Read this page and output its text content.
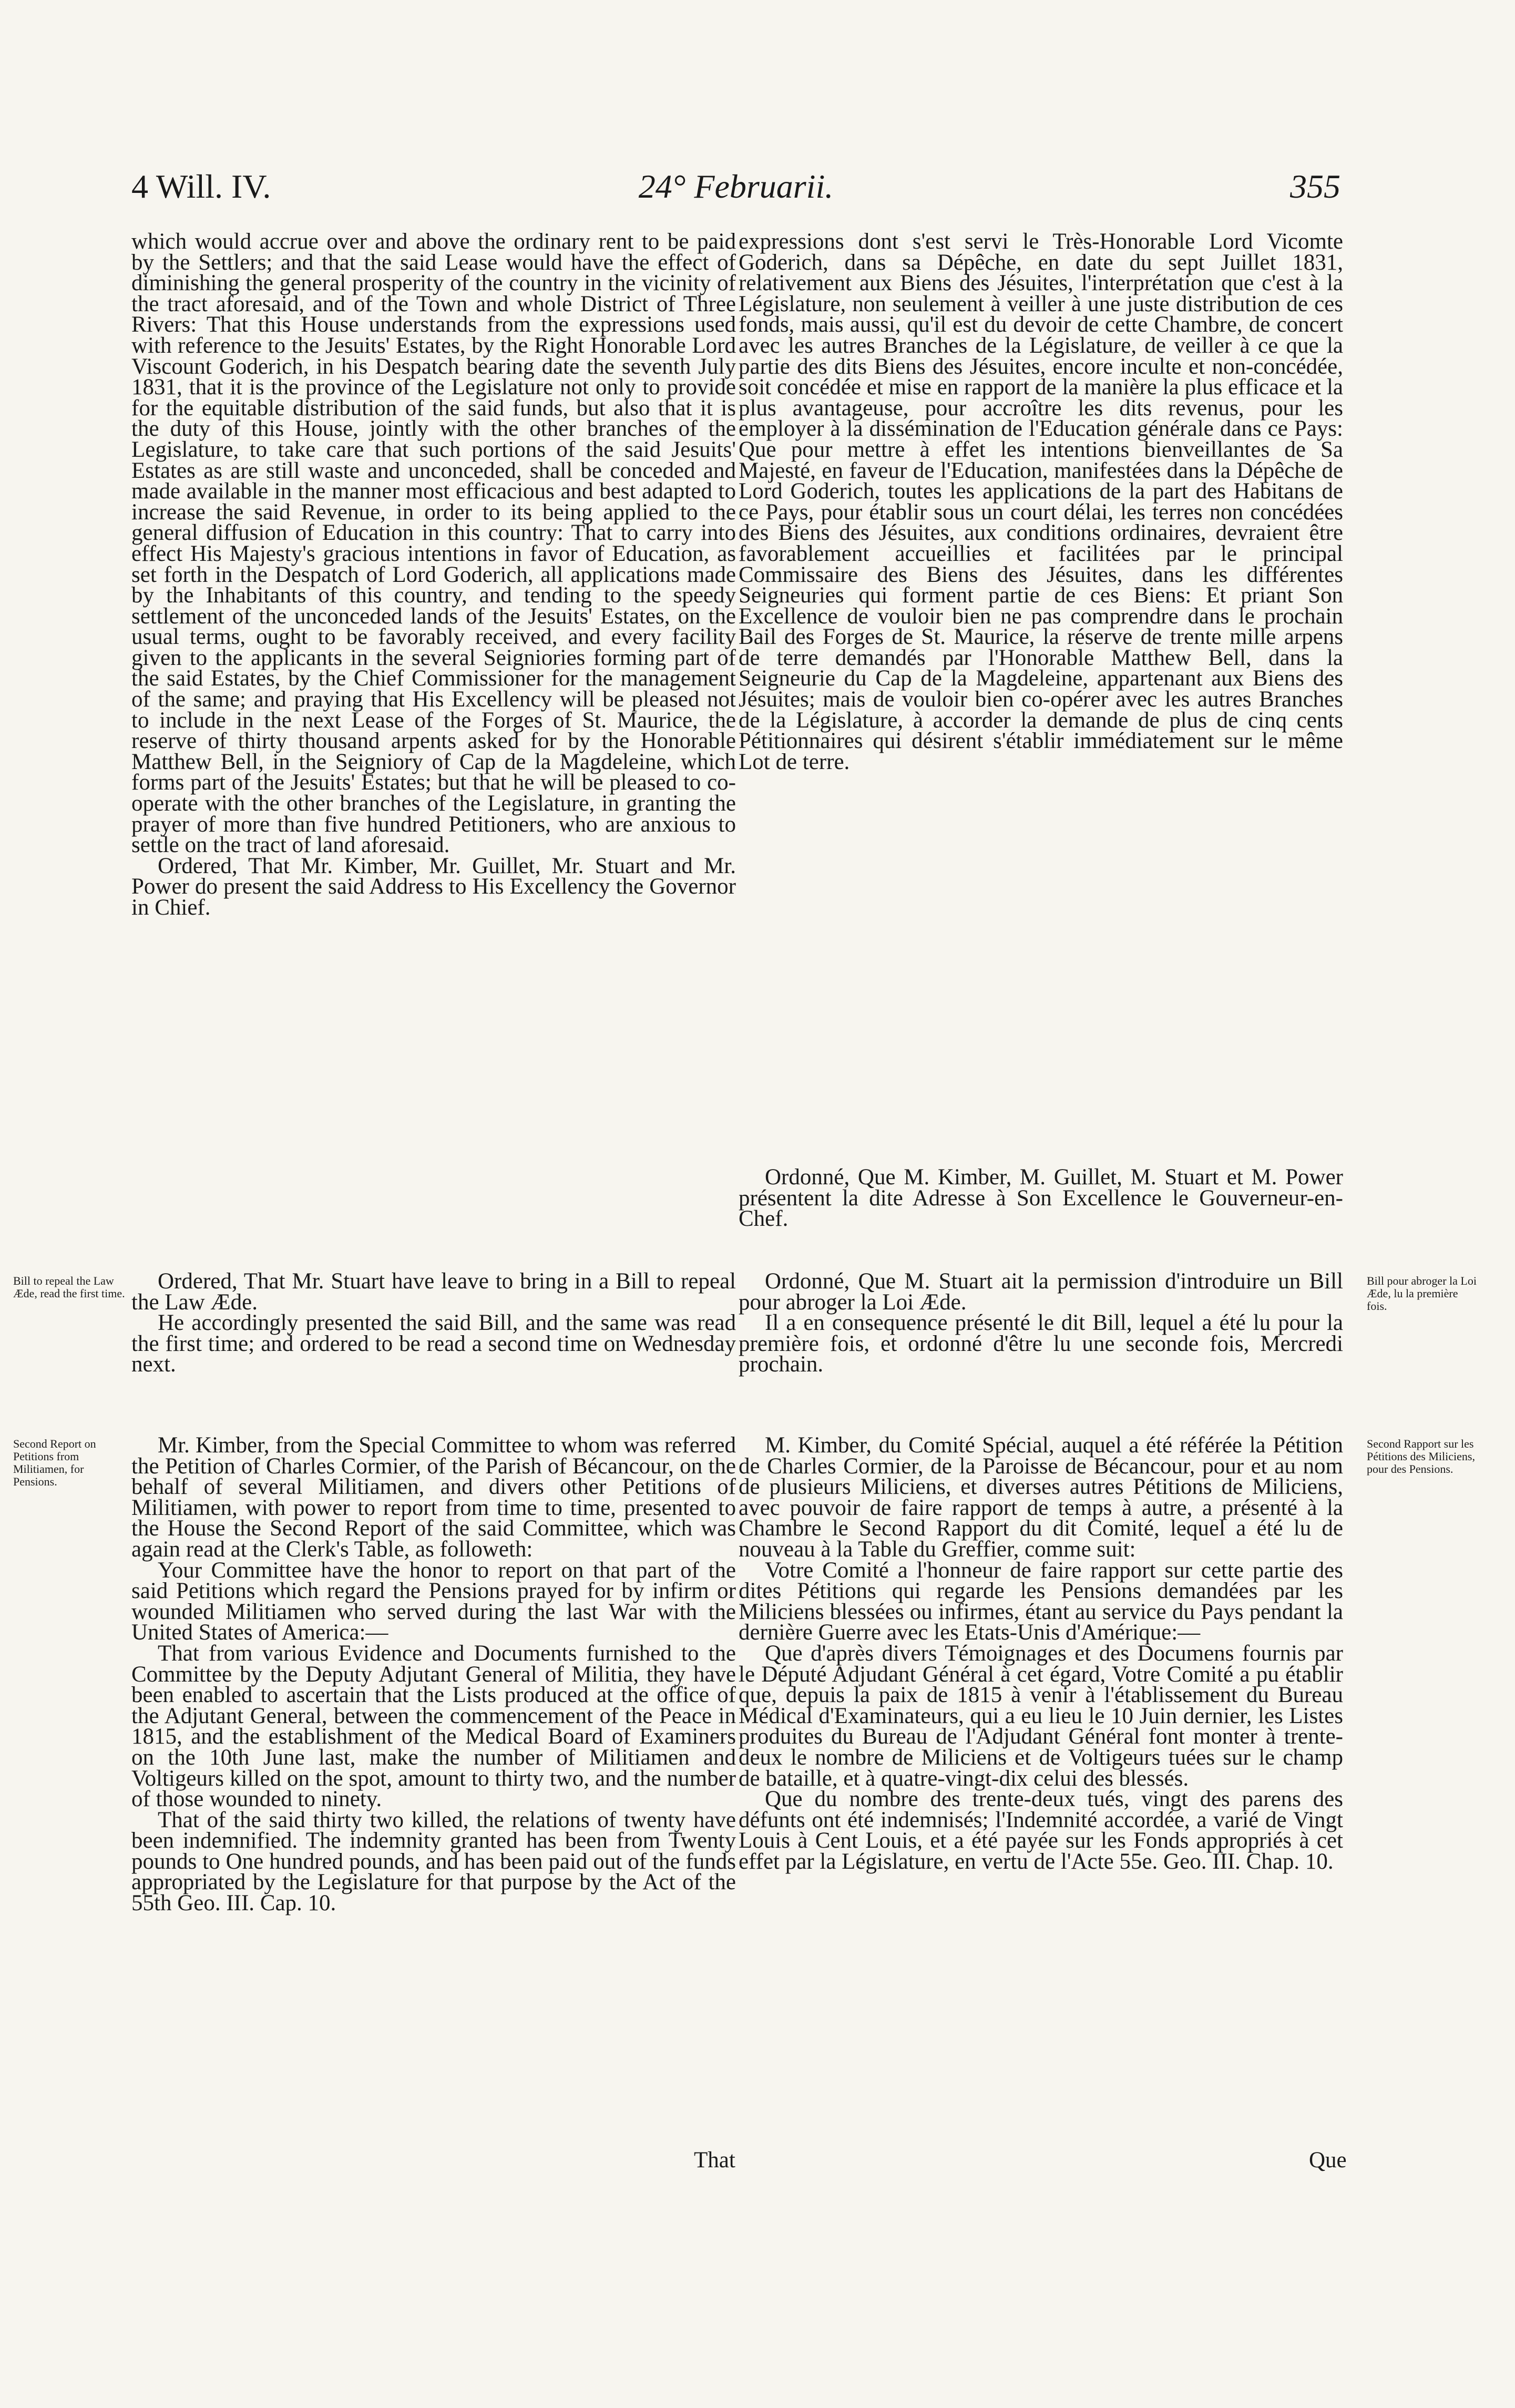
4 Will. IV.	24° Februarii.	355

which would accrue over and above the ordinary rent to be paid by the Settlers; and that the said Lease would have the effect of diminishing the general prosperity of the country in the vicinity of the tract aforesaid, and of the Town and whole District of Three Rivers: That this House understands from the expressions used with reference to the Jesuits' Estates, by the Right Honorable Lord Viscount Goderich, in his Despatch bearing date the seventh July 1831, that it is the province of the Legislature not only to provide for the equitable distribution of the said funds, but also that it is the duty of this House, jointly with the other branches of the Legislature, to take care that such portions of the said Jesuits' Estates as are still waste and unconceded, shall be conceded and made available in the manner most efficacious and best adapted to increase the said Revenue, in order to its being applied to the general diffusion of Education in this country: That to carry into effect His Majesty's gracious intentions in favor of Education, as set forth in the Despatch of Lord Goderich, all applications made by the Inhabitants of this country, and tending to the speedy settlement of the unconceded lands of the Jesuits' Estates, on the usual terms, ought to be favorably received, and every facility given to the applicants in the several Seigniories forming part of the said Estates, by the Chief Commissioner for the management of the same; and praying that His Excellency will be pleased not to include in the next Lease of the Forges of St. Maurice, the reserve of thirty thousand arpents asked for by the Honorable Matthew Bell, in the Seigniory of Cap de la Magdeleine, which forms part of the Jesuits' Estates; but that he will be pleased to co-operate with the other branches of the Legislature, in granting the prayer of more than five hundred Petitioners, who are anxious to settle on the tract of land aforesaid.

Ordered, That Mr. Kimber, Mr. Guillet, Mr. Stuart and Mr. Power do present the said Address to His Excellency the Governor in Chief.

Ordered, That Mr. Stuart have leave to bring in a Bill to repeal the Law Æde.

He accordingly presented the said Bill, and the same was read the first time; and ordered to be read a second time on Wednesday next.

Mr. Kimber, from the Special Committee to whom was referred the Petition of Charles Cormier, of the Parish of Bécancour, on the behalf of several Militiamen, and divers other Petitions of Militiamen, with power to report from time to time, presented to the House the Second Report of the said Committee, which was again read at the Clerk's Table, as followeth:

Your Committee have the honor to report on that part of the said Petitions which regard the Pensions prayed for by infirm or wounded Militiamen who served during the last War with the United States of America:—

That from various Evidence and Documents furnished to the Committee by the Deputy Adjutant General of Militia, they have been enabled to ascertain that the Lists produced at the office of the Adjutant General, between the commencement of the Peace in 1815, and the establishment of the Medical Board of Examiners on the 10th June last, make the number of Militiamen and Voltigeurs killed on the spot, amount to thirty two, and the number of those wounded to ninety.

That of the said thirty two killed, the relations of twenty have been indemnified. The indemnity granted has been from Twenty pounds to One hundred pounds, and has been paid out of the funds appropriated by the Legislature for that purpose by the Act of the 55th Geo. III. Cap. 10.

That

expressions dont s'est servi le Très-Honorable Lord Vicomte Goderich, dans sa Dépêche, en date du sept Juillet 1831, relativement aux Biens des Jésuites, l'interprétation que c'est à la Législature, non seulement à veiller à une juste distribution de ces fonds, mais aussi, qu'il est du devoir de cette Chambre, de concert avec les autres Branches de la Législature, de veiller à ce que la partie des dits Biens des Jésuites, encore inculte et non-concédée, soit concédée et mise en rapport de la manière la plus efficace et la plus avantageuse, pour accroître les dits revenus, pour les employer à la dissémination de l'Education générale dans ce Pays: Que pour mettre à effet les intentions bienveillantes de Sa Majesté, en faveur de l'Education, manifestées dans la Dépêche de Lord Goderich, toutes les applications de la part des Habitans de ce Pays, pour établir sous un court délai, les terres non concédées des Biens des Jésuites, aux conditions ordinaires, devraient être favorablement accueillies et facilitées par le principal Commissaire des Biens des Jésuites, dans les différentes Seigneuries qui forment partie de ces Biens: Et priant Son Excellence de vouloir bien ne pas comprendre dans le prochain Bail des Forges de St. Maurice, la réserve de trente mille arpens de terre demandés par l'Honorable Matthew Bell, dans la Seigneurie du Cap de la Magdeleine, appartenant aux Biens des Jésuites; mais de vouloir bien co-opérer avec les autres Branches de la Législature, à accorder la demande de plus de cinq cents Pétitionnaires qui désirent s'établir immédiatement sur le même Lot de terre.

Ordonné, Que M. Kimber, M. Guillet, M. Stuart et M. Power présentent la dite Adresse à Son Excellence le Gouverneur-en-Chef.

Ordonné, Que M. Stuart ait la permission d'introduire un Bill pour abroger la Loi Æde.

Il a en consequence présenté le dit Bill, lequel a été lu pour la première fois, et ordonné d'être lu une seconde fois, Mercredi prochain.

M. Kimber, du Comité Spécial, auquel a été référée la Pétition de Charles Cormier, de la Paroisse de Bécancour, pour et au nom de plusieurs Miliciens, et diverses autres Pétitions de Miliciens, avec pouvoir de faire rapport de temps à autre, a présenté à la Chambre le Second Rapport du dit Comité, lequel a été lu de nouveau à la Table du Greffier, comme suit:

Votre Comité a l'honneur de faire rapport sur cette partie des dites Pétitions qui regarde les Pensions demandées par les Miliciens blessées ou infirmes, étant au service du Pays pendant la dernière Guerre avec les Etats-Unis d'Amérique:—

Que d'après divers Témoignages et des Documens fournis par le Député Adjudant Général à cet égard, Votre Comité a pu établir que, depuis la paix de 1815 à venir à l'établissement du Bureau Médical d'Examinateurs, qui a eu lieu le 10 Juin dernier, les Listes produites du Bureau de l'Adjudant Général font monter à trente-deux le nombre de Miliciens et de Voltigeurs tuées sur le champ de bataille, et à quatre-vingt-dix celui des blessés.

Que du nombre des trente-deux tués, vingt des parens des défunts ont été indemnisés; l'Indemnité accordée, a varié de Vingt Louis à Cent Louis, et a été payée sur les Fonds appropriés à cet effet par la Législature, en vertu de l'Acte 55e. Geo. III. Chap. 10.

Que
Bill to repeal the Law Æde, read the first time.
Second Report on Petitions from Militiamen, for Pensions.
Bill pour abroger la Loi Æde, lu la première fois.
Second Rapport sur les Pétitions des Miliciens, pour des Pensions.
